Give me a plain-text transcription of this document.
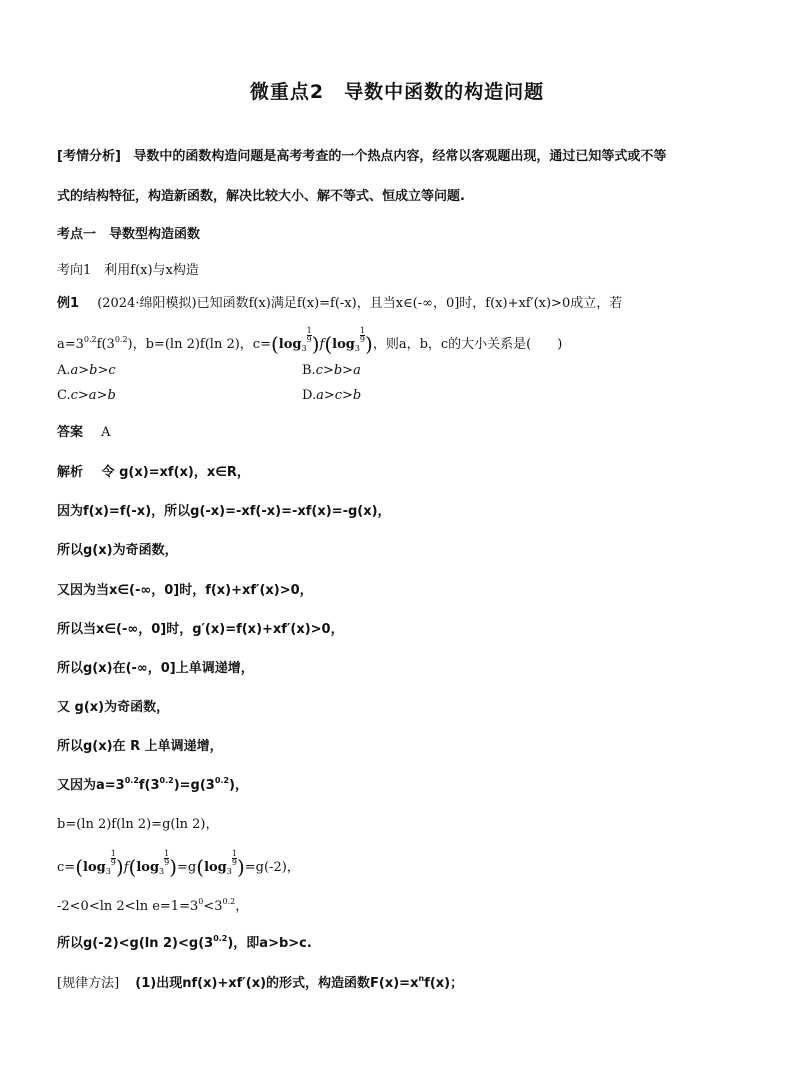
微重点2　导数中函数的构造问题
[考情分析] 导数中的函数构造问题是高考考查的一个热点内容，经常以客观题出现，通过已知等式或不等
式的结构特征，构造新函数，解决比较大小、解不等式、恒成立等问题.
考点一　导数型构造函数
考向1　利用f(x)与x构造
例1 (2024·绵阳模拟)已知函数f(x)满足f(x)=f(-x)，且当x∈(-∞，0]时，f(x)+xf′(x)>0成立，若
$a=3^{0.2}f(3^{0.2})$，b=(ln 2)f(ln 2)，$c=(\log_3$
$\frac{1}{9})f(\log_3$
$\frac{1}{9}$)，则a，b，c的大小关系是(　　)
A.a>b>c	B.c>b>a
C.c>a>b	D.a>c>b
答案 A
解析 令 g(x)=xf(x)，x∈R，
因为f(x)=f(-x)，所以g(-x)=-xf(-x)=-xf(x)=-g(x)，
所以g(x)为奇函数，
又因为当x∈(-∞，0]时，f(x)+xf′(x)>0，
所以当x∈(-∞，0]时，g′(x)=f(x)+xf′(x)>0，
所以g(x)在(-∞，0]上单调递增，
又 g(x)为奇函数，
所以g(x)在 R 上单调递增，
又因为$a=3^{0.2}f(3^{0.2})=g(3^{0.2})$，
b=(ln 2)f(ln 2)=g(ln 2)，
$c=(\log_3$
$\frac{1}{9})f(\log_3$
$\frac{1}{9})=g(\log_3$
$\frac{1}{9})=g(-2)$，
-2<0<ln 2<ln $e=1=3^0<3^{0.2}$，
所以g(-2)<g(ln $2)<g(3^{0.2})$，即a>b>c.
[规律方法] (1)出现nf(x)+xf′(x)的形式，构造函数$F(x)=x^nf(x)$；
